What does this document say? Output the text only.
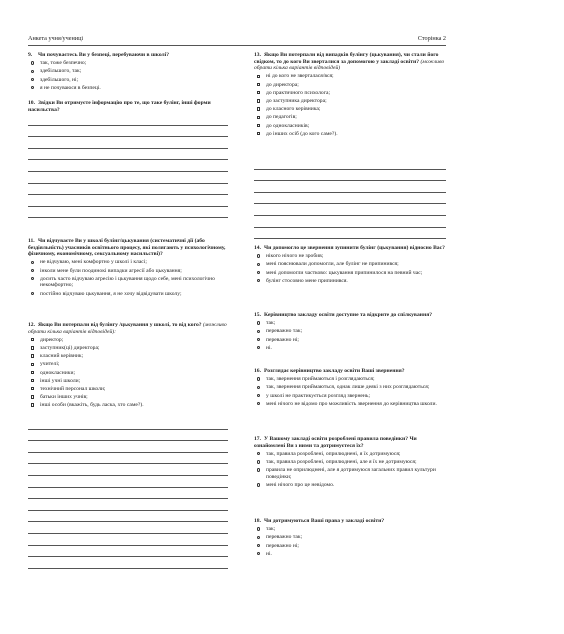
Анкета учня/учениці	Сторінка 2
9. Чи почуваєтесь Ви у безпеці, перебуваючи в школі?
так, тоже безпечно;
здебільшого, так;
здебільшого, ні;
я не почуваюся в безпеці.
10. Звідки Ви отримуєте інформацію про те, що таке булінг, інші форми насильства?
11. Чи відчуваєте Ви у школі булінг/цькування (систематичні дії (або бездіяльність) учасників освітнього процесу, які полягають у психологічному, фізичному, економічному, сексуальному насильстві)?
не відчуваю, мені комфортно у школі і класі;
інколи мене були поодинокі випадки агресії або цькування;
досить часто відчуваю агресію і цькування щодо себе, мені психологічно некомфортно;
постійно відчуваю цькування, я не хочу відвідувати школу;
12. Якщо Ви потерпали від булінгу /цькування у школі, то від кого? (можливо обрати кілька варіантів відповідей):
директор;
заступник(ці) директора;
класний керівник;
учителі;
однокласники;
інші учні школи;
технічний персонал школи;
батьки інших учнів;
інші особи (вкажіть, будь ласка, хто саме?).
13. Якщо Ви потерпали від випадків булінгу (цькування), чи стали його свідком, то до кого Ви зверталися за допомогою у закладі освіти? (можливо обрати кілька варіантів відповідей)
ні до кого не зверталася/вся;
до директора;
до практичного психолога;
до заступника директора;
до класного керівника;
до педагогів;
до однокласників;
до інших осіб (до кого саме?).
14. Чи допомогло це звернення зупинити булінг (цькування) відносно Вас?
нікого нічого не зробив;
мені пояснювали допомогли, але булінг не припинився;
мені допомогли частково: цькування припинилося на певний час;
булінг стосовно мене припинився.
15. Керівництво закладу освіти доступне та відкрите до спілкування?
так;
переважно так;
переважно ні;
ні.
16. Розглядає керівництво закладу освіти Ваші звернення?
так, звернення приймаються і розглядаються;
так, звернення приймаються, однак лише деякі з них розглядаються;
у школі не практикується розгляд звернень;
мені нічого не відомо про можливість звернення до керівництва школи.
17. У Вашому закладі освіти розроблені правила поведінки? Чи ознайомлені Ви з ними та дотримуєтеся їх?
так, правила розроблені, оприлюднені, я їх дотримуюся;
так, правила розроблені, оприлюднені, але я їх не дотримуюся;
правила не оприлюднені, але я дотримуюся загальних правил культури поведінки;
мені нічого про це невідомо.
18. Чи дотримуються Ваші права у закладі освіти?
так;
переважно так;
переважно ні;
ні.
